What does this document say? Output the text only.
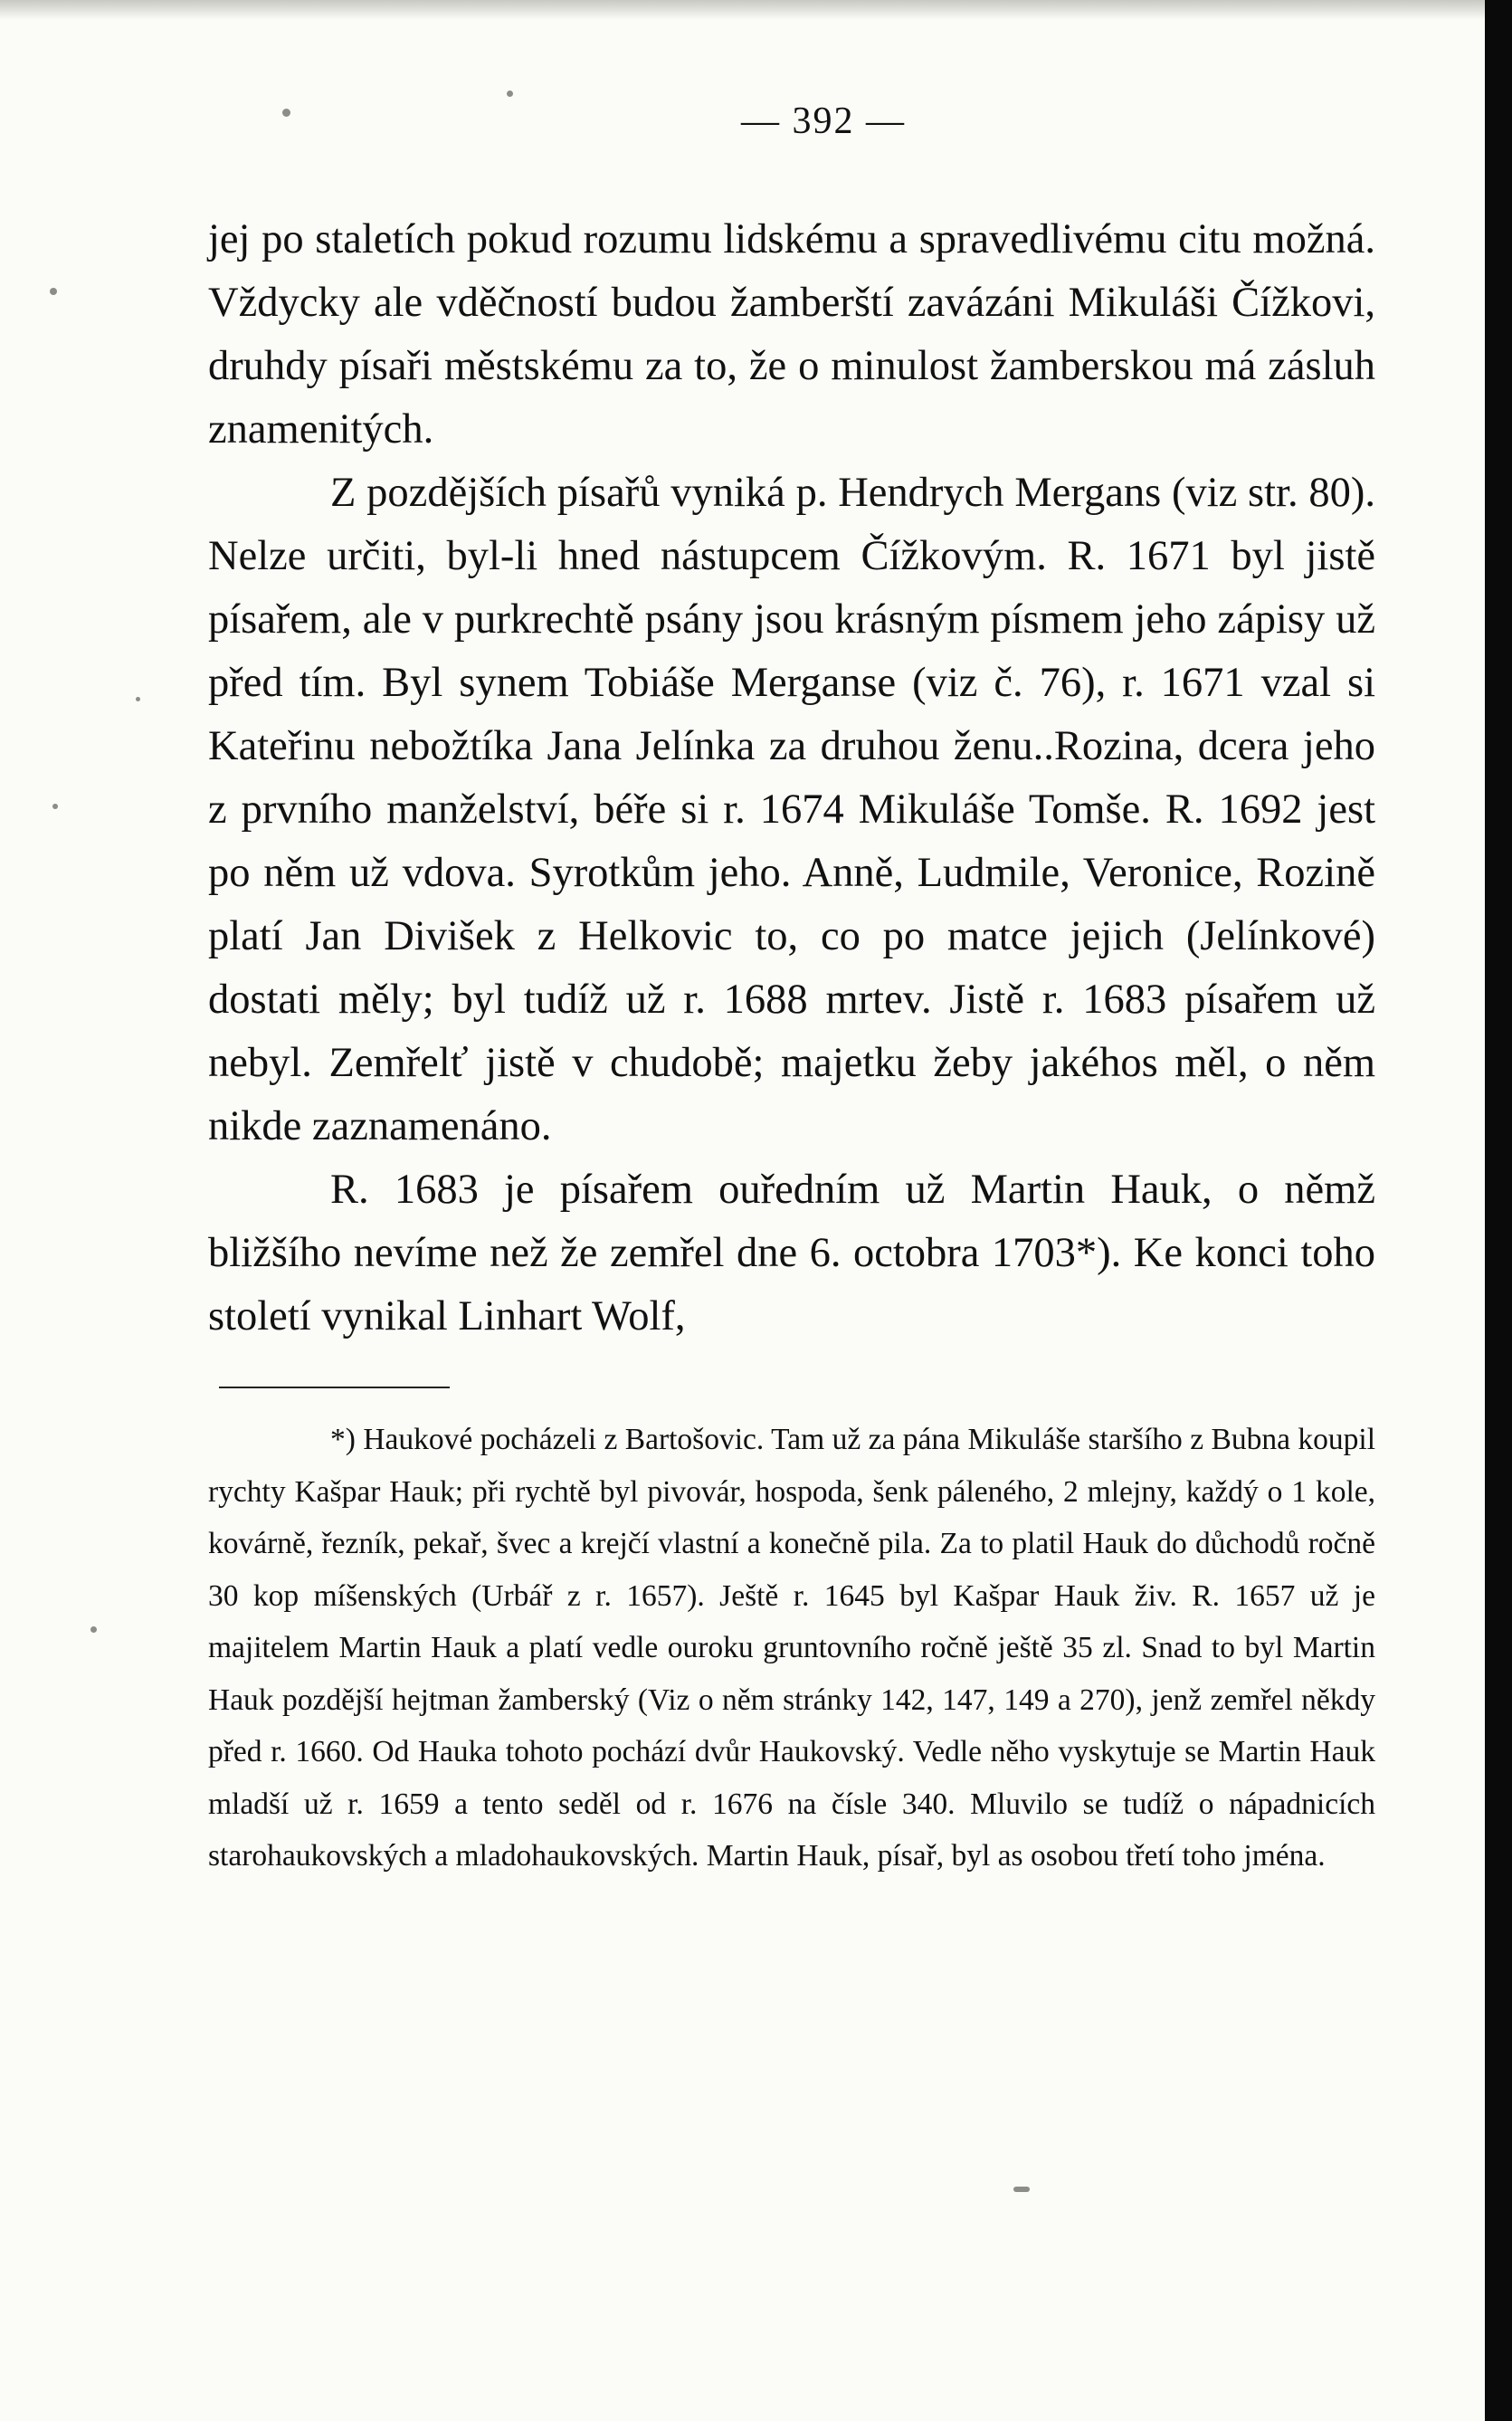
— 392 —

jej po staletích pokud rozumu lidskému a spravedlivému citu možná. Vždycky ale vděčností budou žamberští zavázáni Mikuláši Čížkovi, druhdy písaři městskému za to, že o minulost žamberskou má zásluh znamenitých.

Z pozdějších písařů vyniká p. Hendrych Mergans (viz str. 80). Nelze určiti, byl-li hned nástupcem Čížkovým. R. 1671 byl jistě písařem, ale v purkrechtě psány jsou krásným písmem jeho zápisy už před tím. Byl synem Tobiáše Merganse (viz č. 76), r. 1671 vzal si Kateřinu nebožtíka Jana Jelínka za druhou ženu..Rozina, dcera jeho z prvního manželství, béře si r. 1674 Mikuláše Tomše. R. 1692 jest po něm už vdova. Syrotkům jeho. Anně, Ludmile, Veronice, Rozině platí Jan Divišek z Helkovic to, co po matce jejich (Jelínkové) dostati měly; byl tudíž už r. 1688 mrtev. Jistě r. 1683 písařem už nebyl. Zemřelť jistě v chudobě; majetku žeby jakéhos měl, o něm nikde zaznamenáno.

R. 1683 je písařem ouředním už Martin Hauk, o němž bližšího nevíme než že zemřel dne 6. octobra 1703*). Ke konci toho století vynikal Linhart Wolf,

*) Haukové pocházeli z Bartošovic. Tam už za pána Mikuláše staršího z Bubna koupil rychty Kašpar Hauk; při rychtě byl pivovár, hospoda, šenk páleného, 2 mlejny, každý o 1 kole, kovárně, řezník, pekař, švec a krejčí vlastní a konečně pila. Za to platil Hauk do důchodů ročně 30 kop míšenských (Urbář z r. 1657). Ještě r. 1645 byl Kašpar Hauk živ. R. 1657 už je majitelem Martin Hauk a platí vedle ouroku gruntovního ročně ještě 35 zl. Snad to byl Martin Hauk pozdější hejtman žamberský (Viz o něm stránky 142, 147, 149 a 270), jenž zemřel někdy před r. 1660. Od Hauka tohoto pochází dvůr Haukovský. Vedle něho vyskytuje se Martin Hauk mladší už r. 1659 a tento seděl od r. 1676 na čísle 340. Mluvilo se tudíž o nápadnicích starohaukovských a mladohaukovských. Martin Hauk, písař, byl as osobou třetí toho jména.
